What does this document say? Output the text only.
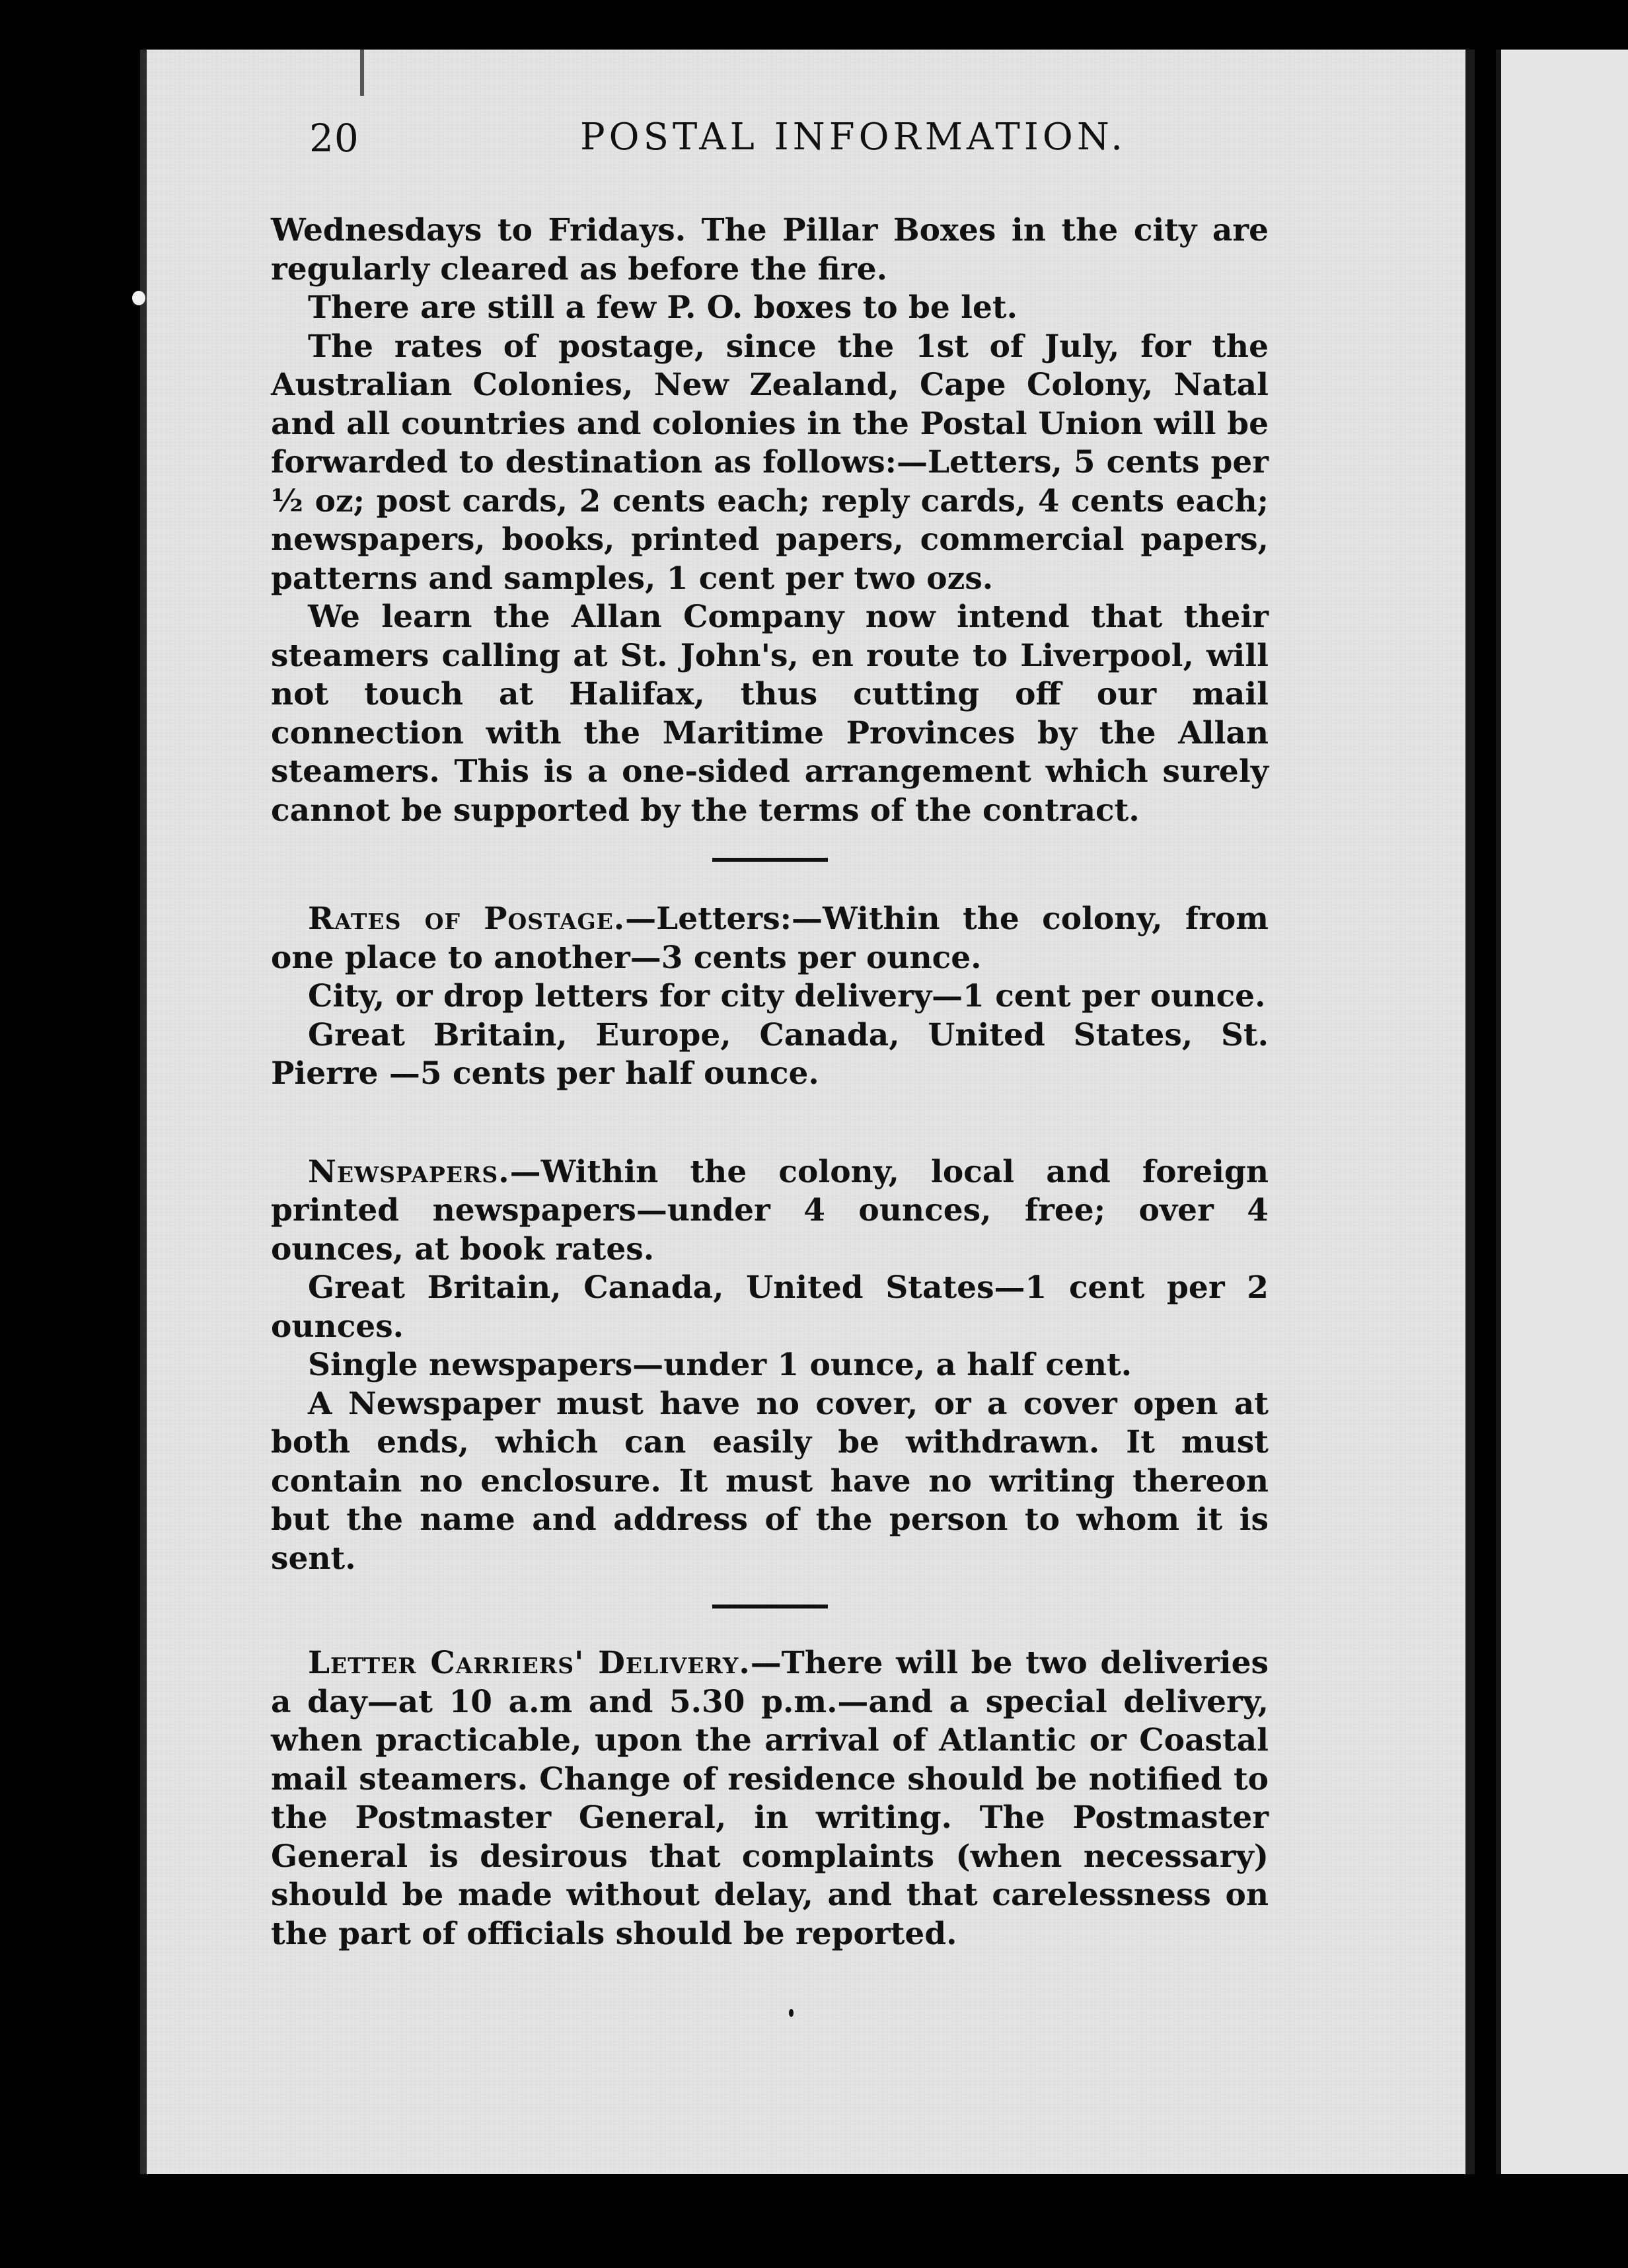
20	POSTAL INFORMATION.

Wednesdays to Fridays. The Pillar Boxes in the city are regularly cleared as before the fire.

There are still a few P. O. boxes to be let.

The rates of postage, since the 1st of July, for the Australian Colonies, New Zealand, Cape Colony, Natal and all countries and colonies in the Postal Union will be forwarded to destination as follows:—Letters, 5 cents per ½ oz; post cards, 2 cents each; reply cards, 4 cents each; newspapers, books, printed papers, commercial papers, patterns and samples, 1 cent per two ozs.

We learn the Allan Company now intend that their steamers calling at St. John's, en route to Liverpool, will not touch at Halifax, thus cutting off our mail connection with the Maritime Provinces by the Allan steamers. This is a one-sided arrangement which surely cannot be supported by the terms of the contract.

Rates of Postage.—Letters:—Within the colony, from one place to another—3 cents per ounce.

City, or drop letters for city delivery—1 cent per ounce.

Great Britain, Europe, Canada, United States, St. Pierre —5 cents per half ounce.

Newspapers.—Within the colony, local and foreign printed newspapers—under 4 ounces, free; over 4 ounces, at book rates.

Great Britain, Canada, United States—1 cent per 2 ounces.

Single newspapers—under 1 ounce, a half cent.

A Newspaper must have no cover, or a cover open at both ends, which can easily be withdrawn. It must contain no enclosure. It must have no writing thereon but the name and address of the person to whom it is sent.

Letter Carriers' Delivery.—There will be two deliveries a day—at 10 a.m and 5.30 p.m.—and a special delivery, when practicable, upon the arrival of Atlantic or Coastal mail steamers. Change of residence should be notified to the Postmaster General, in writing. The Postmaster General is desirous that complaints (when necessary) should be made without delay, and that carelessness on the part of officials should be reported.
